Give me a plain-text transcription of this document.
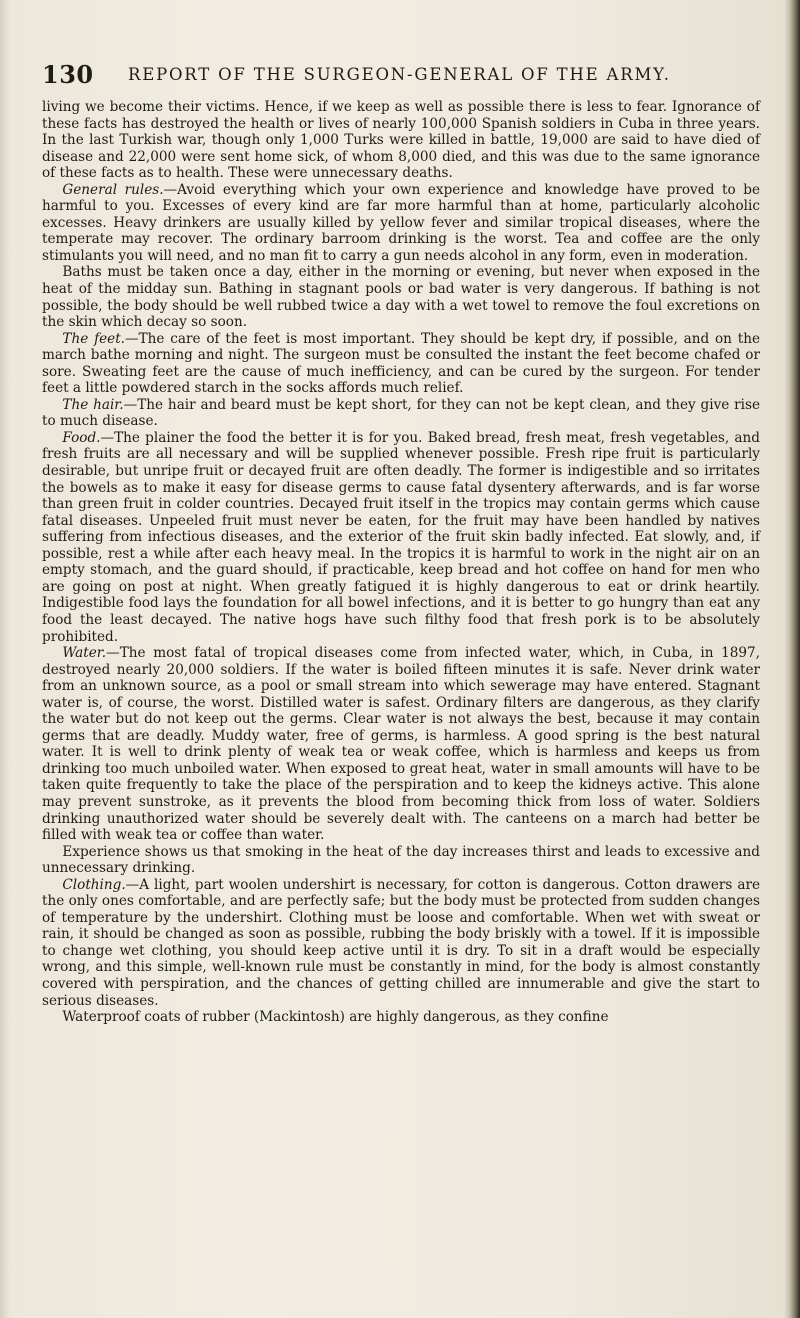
130 REPORT OF THE SURGEON-GENERAL OF THE ARMY.

living we become their victims. Hence, if we keep as well as possible there is less to fear. Ignorance of these facts has destroyed the health or lives of nearly 100,000 Spanish soldiers in Cuba in three years. In the last Turkish war, though only 1,000 Turks were killed in battle, 19,000 are said to have died of disease and 22,000 were sent home sick, of whom 8,000 died, and this was due to the same ignorance of these facts as to health. These were unnecessary deaths.

General rules.—Avoid everything which your own experience and knowledge have proved to be harmful to you. Excesses of every kind are far more harmful than at home, particularly alcoholic excesses. Heavy drinkers are usually killed by yellow fever and similar tropical diseases, where the temperate may recover. The ordinary barroom drinking is the worst. Tea and coffee are the only stimulants you will need, and no man fit to carry a gun needs alcohol in any form, even in moderation.

Baths must be taken once a day, either in the morning or evening, but never when exposed in the heat of the midday sun. Bathing in stagnant pools or bad water is very dangerous. If bathing is not possible, the body should be well rubbed twice a day with a wet towel to remove the foul excretions on the skin which decay so soon.

The feet.—The care of the feet is most important. They should be kept dry, if possible, and on the march bathe morning and night. The surgeon must be consulted the instant the feet become chafed or sore. Sweating feet are the cause of much inefficiency, and can be cured by the surgeon. For tender feet a little powdered starch in the socks affords much relief.

The hair.—The hair and beard must be kept short, for they can not be kept clean, and they give rise to much disease.

Food.—The plainer the food the better it is for you. Baked bread, fresh meat, fresh vegetables, and fresh fruits are all necessary and will be supplied whenever possible. Fresh ripe fruit is particularly desirable, but unripe fruit or decayed fruit are often deadly. The former is indigestible and so irritates the bowels as to make it easy for disease germs to cause fatal dysentery afterwards, and is far worse than green fruit in colder countries. Decayed fruit itself in the tropics may contain germs which cause fatal diseases. Unpeeled fruit must never be eaten, for the fruit may have been handled by natives suffering from infectious diseases, and the exterior of the fruit skin badly infected. Eat slowly, and, if possible, rest a while after each heavy meal. In the tropics it is harmful to work in the night air on an empty stomach, and the guard should, if practicable, keep bread and hot coffee on hand for men who are going on post at night. When greatly fatigued it is highly dangerous to eat or drink heartily. Indigestible food lays the foundation for all bowel infections, and it is better to go hungry than eat any food the least decayed. The native hogs have such filthy food that fresh pork is to be absolutely prohibited.

Water.—The most fatal of tropical diseases come from infected water, which, in Cuba, in 1897, destroyed nearly 20,000 soldiers. If the water is boiled fifteen minutes it is safe. Never drink water from an unknown source, as a pool or small stream into which sewerage may have entered. Stagnant water is, of course, the worst. Distilled water is safest. Ordinary filters are dangerous, as they clarify the water but do not keep out the germs. Clear water is not always the best, because it may contain germs that are deadly. Muddy water, free of germs, is harmless. A good spring is the best natural water. It is well to drink plenty of weak tea or weak coffee, which is harmless and keeps us from drinking too much unboiled water. When exposed to great heat, water in small amounts will have to be taken quite frequently to take the place of the perspiration and to keep the kidneys active. This alone may prevent sunstroke, as it prevents the blood from becoming thick from loss of water. Soldiers drinking unauthorized water should be severely dealt with. The canteens on a march had better be filled with weak tea or coffee than water.

Experience shows us that smoking in the heat of the day increases thirst and leads to excessive and unnecessary drinking.

Clothing.—A light, part woolen undershirt is necessary, for cotton is dangerous. Cotton drawers are the only ones comfortable, and are perfectly safe; but the body must be protected from sudden changes of temperature by the undershirt. Clothing must be loose and comfortable. When wet with sweat or rain, it should be changed as soon as possible, rubbing the body briskly with a towel. If it is impossible to change wet clothing, you should keep active until it is dry. To sit in a draft would be especially wrong, and this simple, well-known rule must be constantly in mind, for the body is almost constantly covered with perspiration, and the chances of getting chilled are innumerable and give the start to serious diseases.

Waterproof coats of rubber (Mackintosh) are highly dangerous, as they confine
